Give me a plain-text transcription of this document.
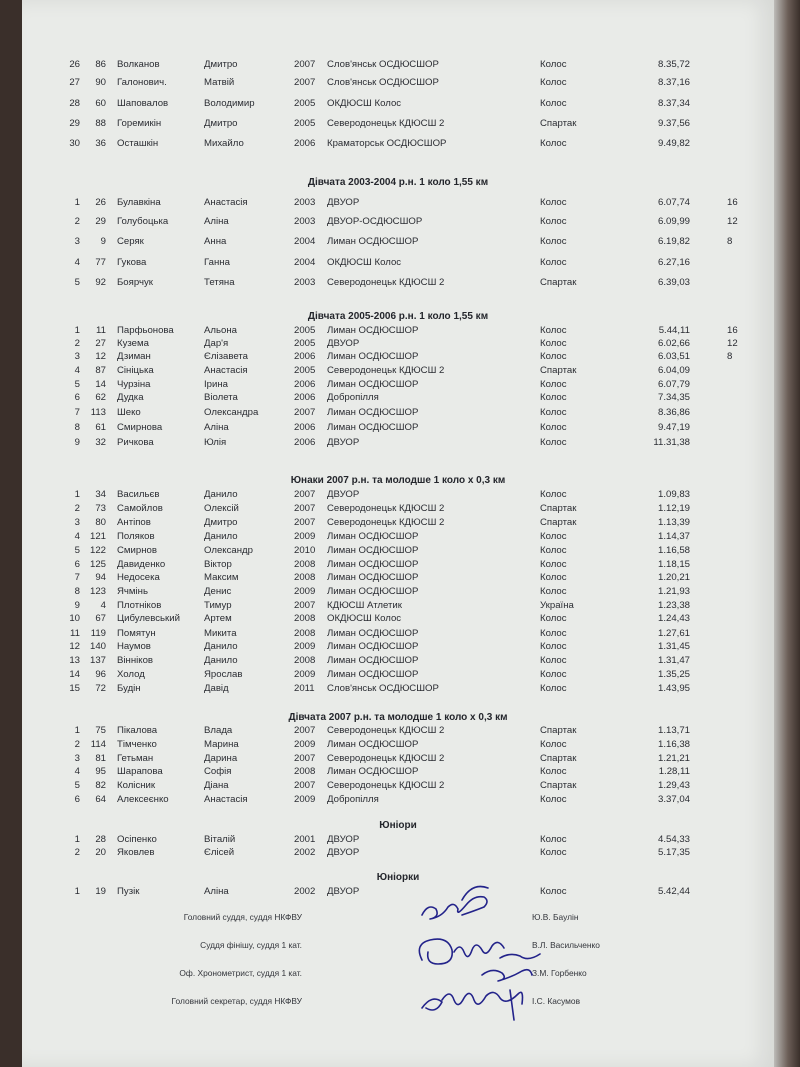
26	86 Волканов	Дмитро	2007 Слов'янськ ОСДЮСШОР	Колос	8.35,72
27	90 Галонович.	Матвій	2007 Слов'янськ ОСДЮСШОР	Колос	8.37,16
28	60 Шаповалов	Володимир	2005 ОКДЮСШ Колос	Колос	8.37,34
29	88 Горемикін	Дмитро	2005 Северодонецьк КДЮСШ 2	Спартак	9.37,56
30	36 Осташкін	Михайло	2006 Краматорськ ОСДЮСШОР	Колос	9.49,82
Дівчата 2003-2004 р.н. 1 коло 1,55 км
1	26 Булавкіна	Анастасія	2003 ДВУОР	Колос	6.07,74	16
2	29 Голубоцька	Аліна	2003 ДВУОР-ОСДЮСШОР	Колос	6.09,99	12
3	9 Серяк	Анна	2004 Лиман ОСДЮСШОР	Колос	6.19,82	8
4	77 Гукова	Ганна	2004 ОКДЮСШ Колос	Колос	6.27,16
5	92 Боярчук	Тетяна	2003 Северодонецьк КДЮСШ 2	Спартак	6.39,03
Дівчата 2005-2006 р.н. 1 коло 1,55 км
1	11 Парфьонова	Альона	2005 Лиман ОСДЮСШОР	Колос	5.44,11	16
2	27 Кузема	Дар'я	2005 ДВУОР	Колос	6.02,66	12
3	12 Дзиман	Єлізавета	2006 Лиман ОСДЮСШОР	Колос	6.03,51	8
4	87 Сініцька	Анастасія	2005 Северодонецьк КДЮСШ 2	Спартак	6.04,09
5	14 Чурзіна	Ірина	2006 Лиман ОСДЮСШОР	Колос	6.07,79
6	62 Дудка	Віолета	2006 Добропілля	Колос	7.34,35
7	113 Шеко	Олександра	2007 Лиман ОСДЮСШОР	Колос	8.36,86
8	61 Смирнова	Аліна	2006 Лиман ОСДЮСШОР	Колос	9.47,19
9	32 Ричкова	Юлія	2006 ДВУОР	Колос	11.31,38
Юнаки 2007 р.н. та молодше 1 коло х 0,3 км
1	34 Васильєв	Данило	2007 ДВУОР	Колос	1.09,83
2	73 Самойлов	Олексій	2007 Северодонецьк КДЮСШ 2	Спартак	1.12,19
3	80 Антіпов	Дмитро	2007 Северодонецьк КДЮСШ 2	Спартак	1.13,39
4	121 Поляков	Данило	2009 Лиман ОСДЮСШОР	Колос	1.14,37
5	122 Смирнов	Олександр	2010 Лиман ОСДЮСШОР	Колос	1.16,58
6	125 Давиденко	Віктор	2008 Лиман ОСДЮСШОР	Колос	1.18,15
7	94 Недосека	Максим	2008 Лиман ОСДЮСШОР	Колос	1.20,21
8	123 Ячмінь	Денис	2009 Лиман ОСДЮСШОР	Колос	1.21,93
9	4 Плотніков	Тимур	2007 КДЮСШ Атлетик	Україна	1.23,38
10	67 Цибулевський	Артем	2008 ОКДЮСШ Колос	Колос	1.24,43
11	119 Помятун	Микита	2008 Лиман ОСДЮСШОР	Колос	1.27,61
12	140 Наумов	Данило	2009 Лиман ОСДЮСШОР	Колос	1.31,45
13	137 Вінніков	Данило	2008 Лиман ОСДЮСШОР	Колос	1.31,47
14	96 Холод	Ярослав	2009 Лиман ОСДЮСШОР	Колос	1.35,25
15	72 Будін	Давід	2011 Слов'янськ ОСДЮСШОР	Колос	1.43,95
Дівчата 2007 р.н. та молодше 1 коло х 0,3 км
1	75 Пікалова	Влада	2007 Северодонецьк КДЮСШ 2	Спартак	1.13,71
2	114 Тімченко	Марина	2009 Лиман ОСДЮСШОР	Колос	1.16,38
3	81 Гетьман	Дарина	2007 Северодонецьк КДЮСШ 2	Спартак	1.21,21
4	95 Шарапова	Софія	2008 Лиман ОСДЮСШОР	Колос	1.28,11
5	82 Колісник	Діана	2007 Северодонецьк КДЮСШ 2	Спартак	1.29,43
6	64 Алексеєнко	Анастасія	2009 Добропілля	Колос	3.37,04
Юніори
1	28 Осіпенко	Віталій	2001 ДВУОР	Колос	4.54,33
2	20 Яковлев	Єлісей	2002 ДВУОР	Колос	5.17,35
Юніорки
1	19 Пузік	Аліна	2002 ДВУОР	Колос	5.42,44
Головний суддя, суддя НКФВУ	Ю.В. Баулін
Суддя фінішу, суддя 1 кат.	В.Л. Васильченко
Оф. Хронометрист, суддя 1 кат.	З.М. Горбенко
Головний секретар, суддя НКФВУ	І.С. Касумов
